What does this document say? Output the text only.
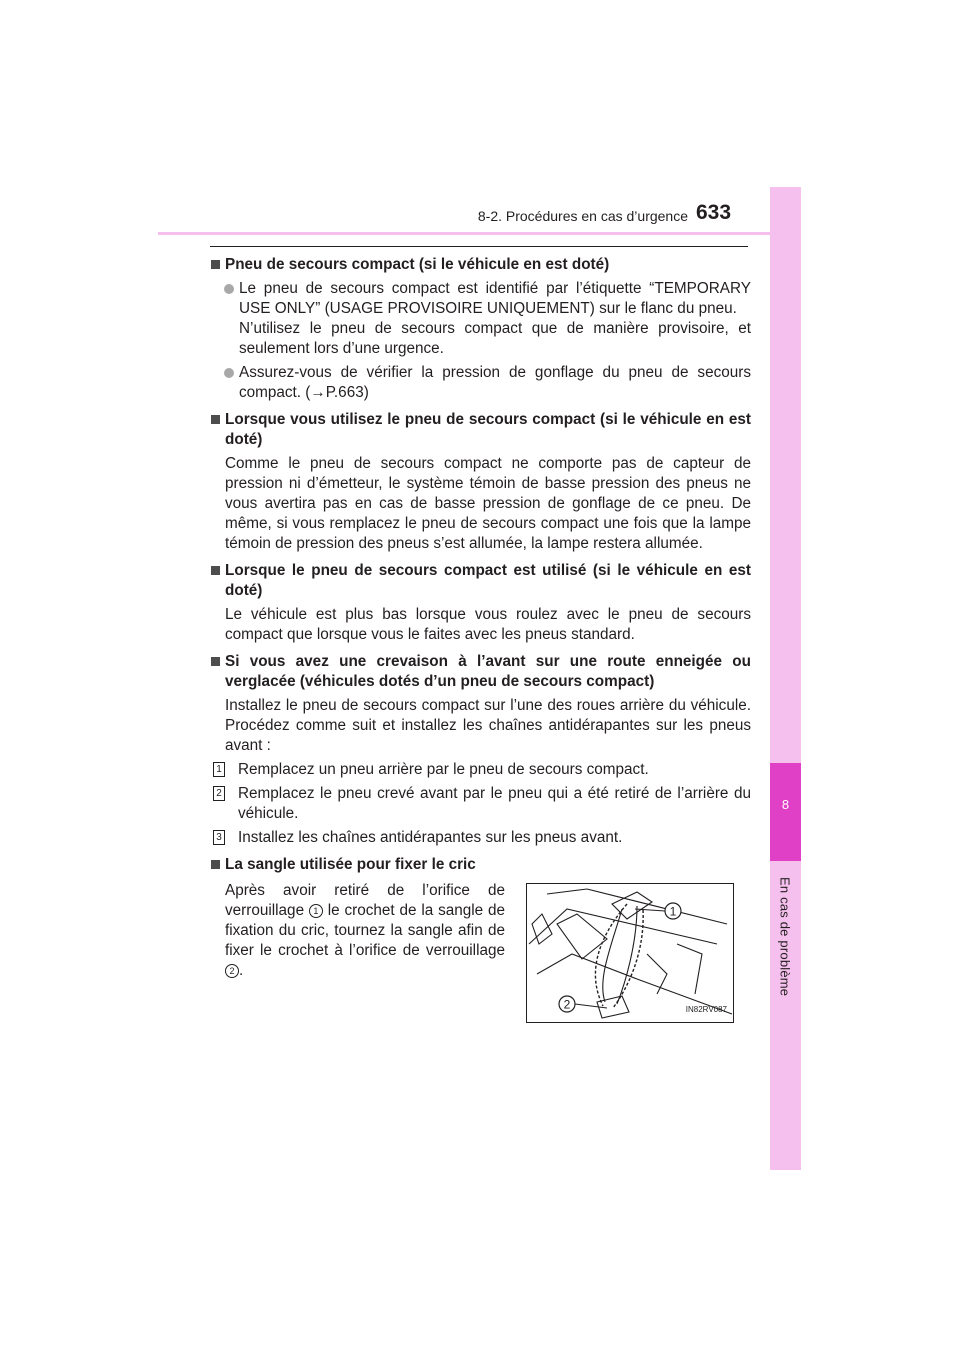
8
En cas de problème
8-2. Procédures en cas d’urgence 633
Pneu de secours compact (si le véhicule en est doté)

Le pneu de secours compact est identifié par l’étiquette “TEMPORARY USE ONLY” (USAGE PROVISOIRE UNIQUEMENT) sur le flanc du pneu.

N’utilisez le pneu de secours compact que de manière provisoire, et seulement lors d’une urgence.

Assurez-vous de vérifier la pression de gonflage du pneu de secours compact. (→P.663)

Lorsque vous utilisez le pneu de secours compact (si le véhicule en est doté)

Comme le pneu de secours compact ne comporte pas de capteur de pression ni d’émetteur, le système témoin de basse pression des pneus ne vous avertira pas en cas de basse pression de gonflage de ce pneu. De même, si vous remplacez le pneu de secours compact une fois que la lampe témoin de pression des pneus s’est allumée, la lampe restera allumée.

Lorsque le pneu de secours compact est utilisé (si le véhicule en est doté)

Le véhicule est plus bas lorsque vous roulez avec le pneu de secours compact que lorsque vous le faites avec les pneus standard.

Si vous avez une crevaison à l’avant sur une route enneigée ou verglacée (véhicules dotés d’un pneu de secours compact)

Installez le pneu de secours compact sur l’une des roues arrière du véhicule. Procédez comme suit et installez les chaînes antidérapantes sur les pneus avant :

1 Remplacez un pneu arrière par le pneu de secours compact.
2 Remplacez le pneu crevé avant par le pneu qui a été retiré de l’arrière du véhicule.
3 Installez les chaînes antidérapantes sur les pneus avant.
La sangle utilisée pour fixer le cric
Après avoir retiré de l’orifice de verrouillage 1 le crochet de la sangle de fixation du cric, tournez la sangle afin de fixer le crochet à l’orifice de verrouillage 2 .
1
2	IN82RV087
